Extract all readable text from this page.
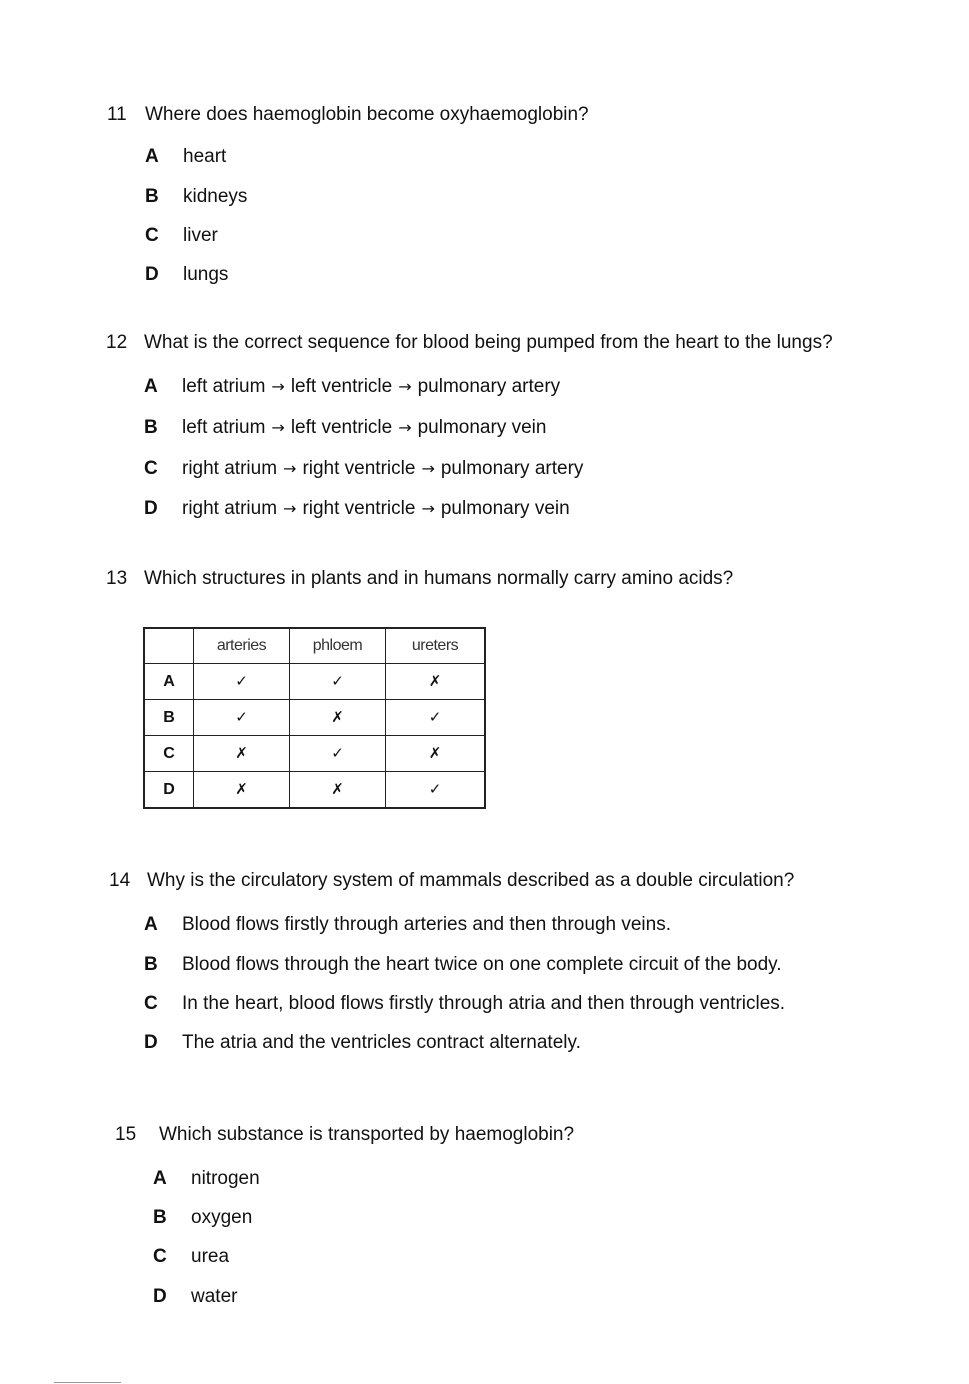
11 Where does haemoglobin become oxyhaemoglobin?
A heart
B kidneys
C liver
D lungs
12 What is the correct sequence for blood being pumped from the heart to the lungs?
A left atrium → left ventricle → pulmonary artery
B left atrium → left ventricle → pulmonary vein
C right atrium → right ventricle → pulmonary artery
D right atrium → right ventricle → pulmonary vein
13 Which structures in plants and in humans normally carry amino acids?
	arteries	phloem	ureters
A	✓	✓	✗
B	✓	✗	✓
C	✗	✓	✗
D	✗	✗	✓
14 Why is the circulatory system of mammals described as a double circulation?
A Blood flows firstly through arteries and then through veins.
B Blood flows through the heart twice on one complete circuit of the body.
C In the heart, blood flows firstly through atria and then through ventricles.
D The atria and the ventricles contract alternately.
15 Which substance is transported by haemoglobin?
A nitrogen
B oxygen
C urea
D water
